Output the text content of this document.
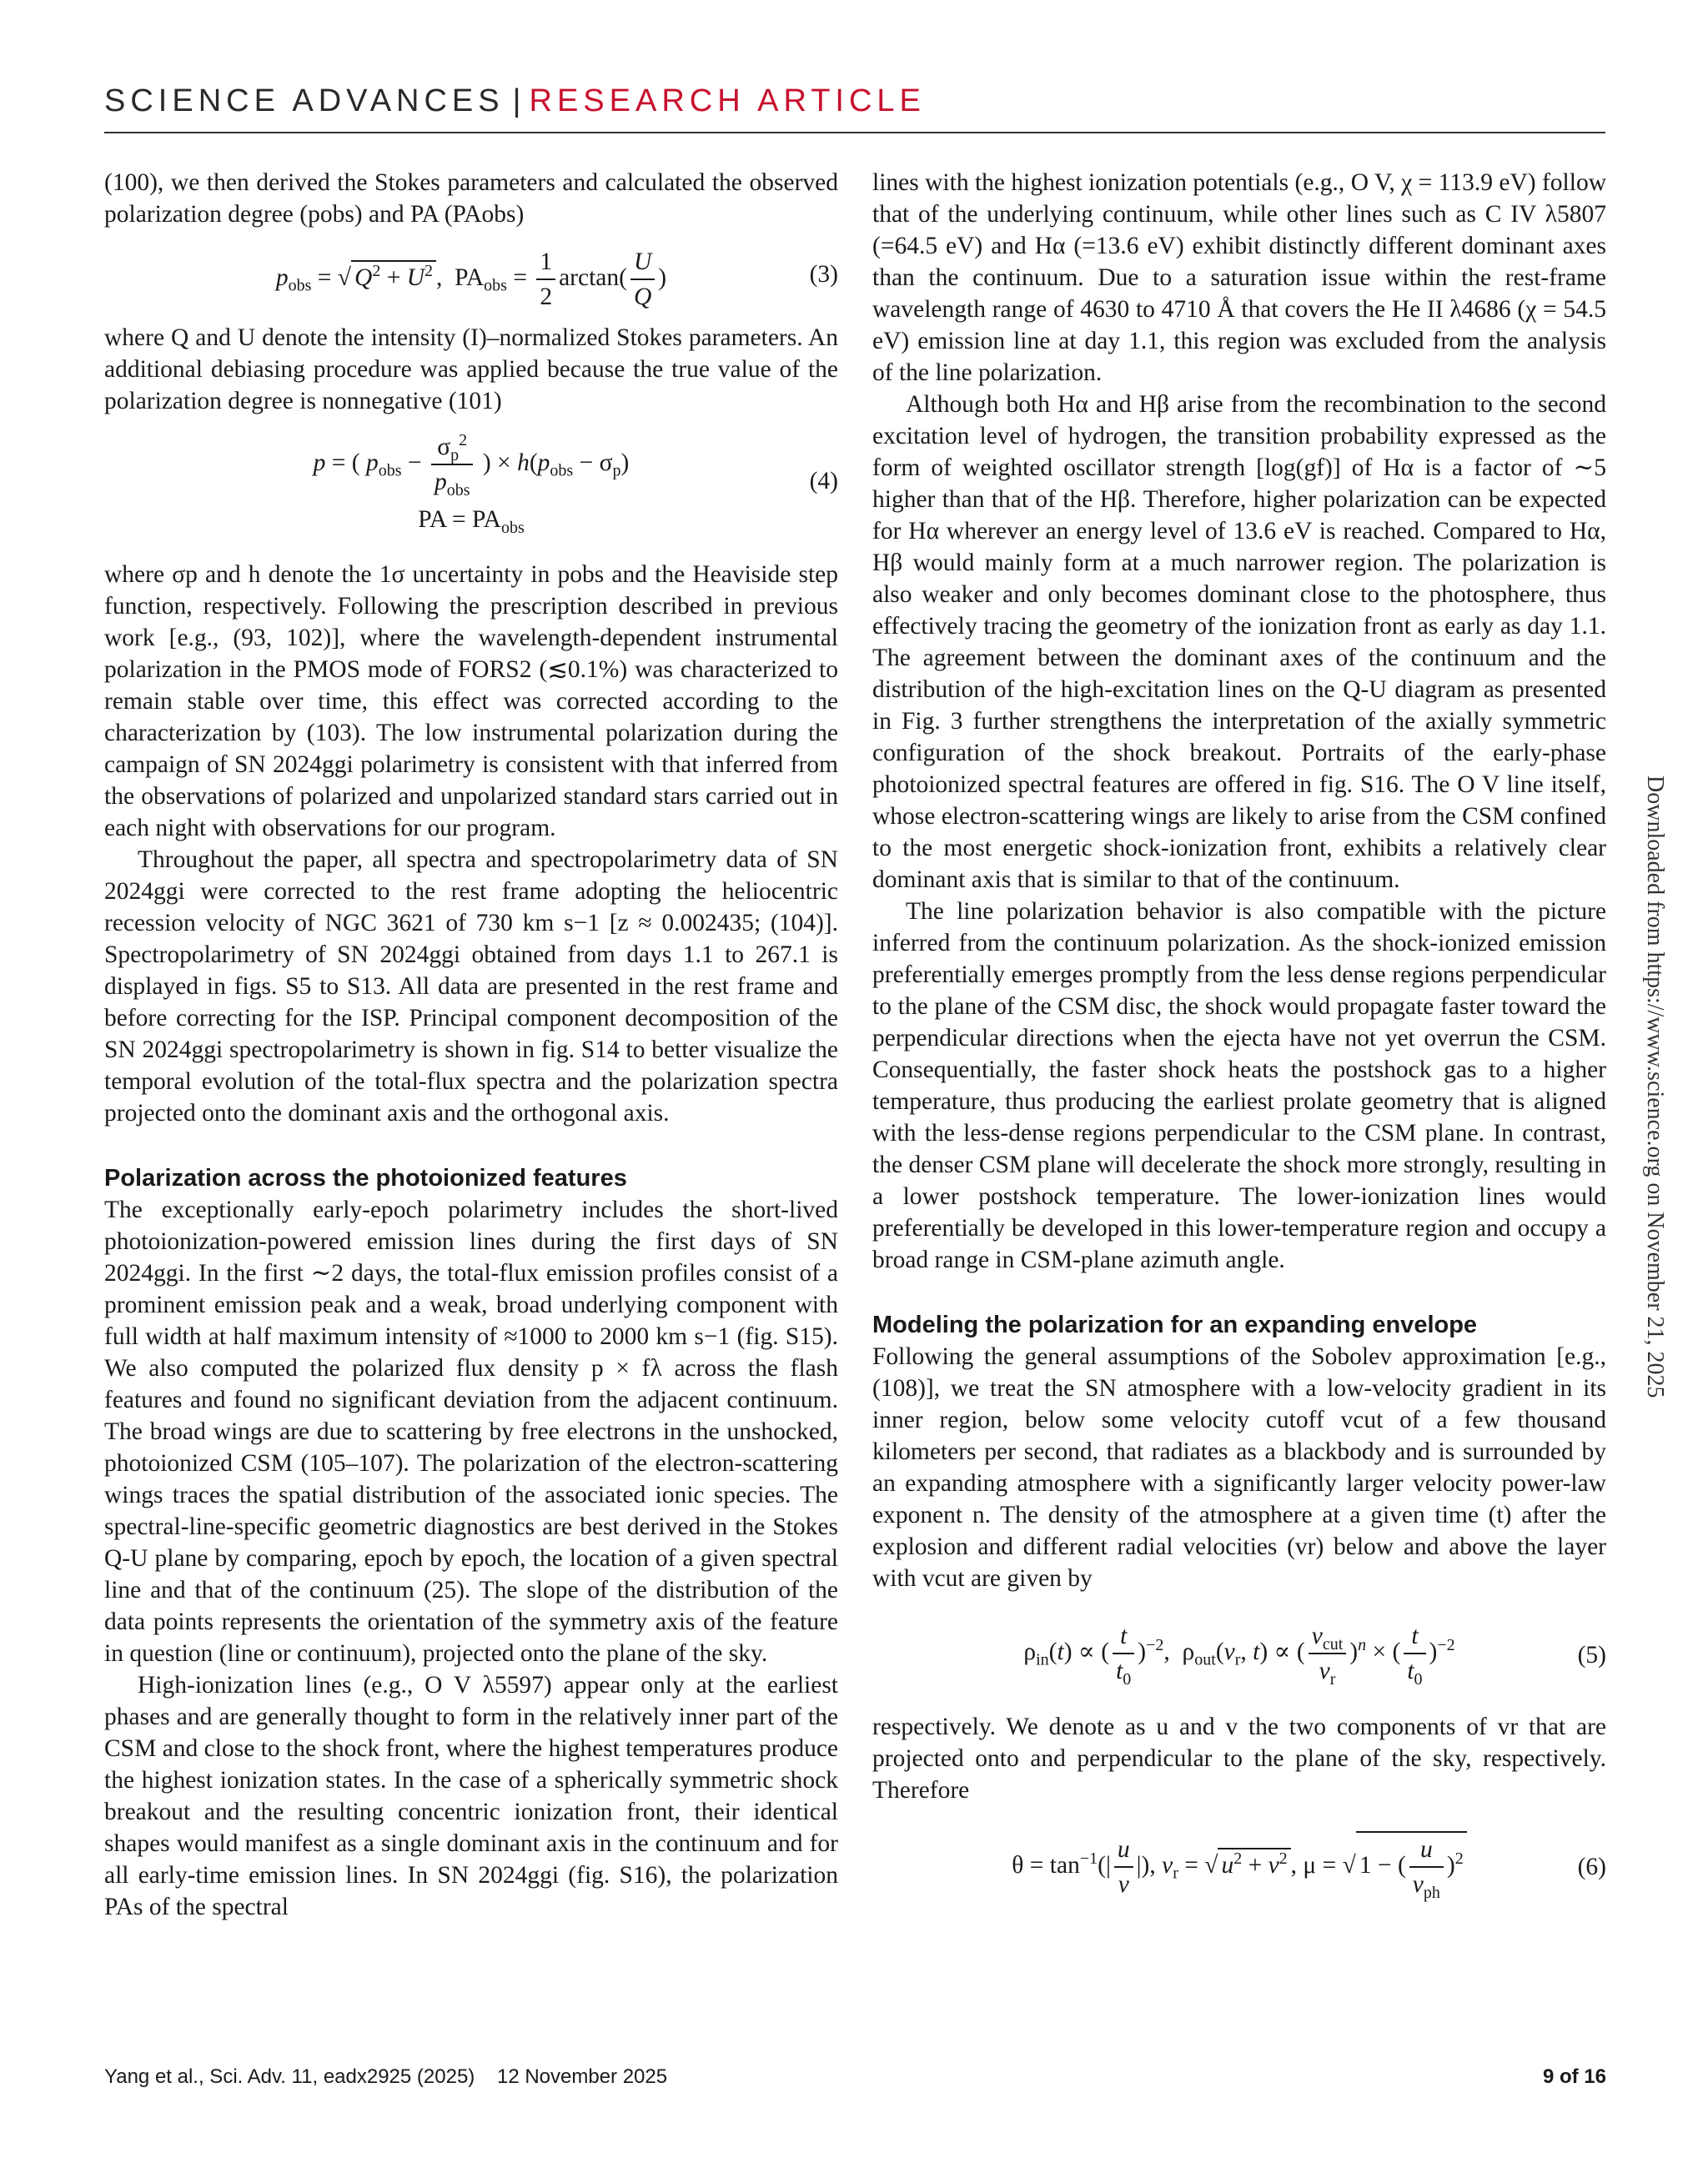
SCIENCE ADVANCES | RESEARCH ARTICLE

(100), we then derived the Stokes parameters and calculated the observed polarization degree (pobs) and PA (PAobs)

$p_{obs}$ = √ $Q^2 + U^2$ ,  $PA_{obs} = \frac{1}{2} \arctan( \frac{U}{Q}$ )	(3)

where Q and U denote the intensity (I)–normalized Stokes parameters. An additional debiasing procedure was applied because the true value of the polarization degree is nonnegative (101)

p = ( $p_{obs} - \frac{\sigma_p^2}{p_{obs}}$ ) × $h(p_{obs} - \sigma_p)$
PA = $PA_{obs}$
(4)

where σp and h denote the 1σ uncertainty in pobs and the Heaviside step function, respectively. Following the prescription described in previous work [e.g., (93, 102)], where the wavelength-dependent instrumental polarization in the PMOS mode of FORS2 (≲0.1%) was characterized to remain stable over time, this effect was corrected according to the characterization by (103). The low instrumental polarization during the campaign of SN 2024ggi polarimetry is consistent with that inferred from the observations of polarized and unpolarized standard stars carried out in each night with observations for our program.

Throughout the paper, all spectra and spectropolarimetry data of SN 2024ggi were corrected to the rest frame adopting the heliocentric recession velocity of NGC 3621 of 730 km s−1 [z ≈ 0.002435; (104)]. Spectropolarimetry of SN 2024ggi obtained from days 1.1 to 267.1 is displayed in figs. S5 to S13. All data are presented in the rest frame and before correcting for the ISP. Principal component decomposition of the SN 2024ggi spectropolarimetry is shown in fig. S14 to better visualize the temporal evolution of the total-flux spectra and the polarization spectra projected onto the dominant axis and the orthogonal axis.

Polarization across the photoionized features

The exceptionally early-epoch polarimetry includes the short-lived photoionization-powered emission lines during the first days of SN 2024ggi. In the first ∼2 days, the total-flux emission profiles consist of a prominent emission peak and a weak, broad underlying component with full width at half maximum intensity of ≈1000 to 2000 km s−1 (fig. S15). We also computed the polarized flux density p × fλ across the flash features and found no significant deviation from the adjacent continuum. The broad wings are due to scattering by free electrons in the unshocked, photoionized CSM (105–107). The polarization of the electron-scattering wings traces the spatial distribution of the associated ionic species. The spectral-line-specific geometric diagnostics are best derived in the Stokes Q-U plane by comparing, epoch by epoch, the location of a given spectral line and that of the continuum (25). The slope of the distribution of the data points represents the orientation of the symmetry axis of the feature in question (line or continuum), projected onto the plane of the sky.

High-ionization lines (e.g., O V λ5597) appear only at the earliest phases and are generally thought to form in the relatively inner part of the CSM and close to the shock front, where the highest temperatures produce the highest ionization states. In the case of a spherically symmetric shock breakout and the resulting concentric ionization front, their identical shapes would manifest as a single dominant axis in the continuum and for all early-time emission lines. In SN 2024ggi (fig. S16), the polarization PAs of the spectral

lines with the highest ionization potentials (e.g., O V, χ = 113.9 eV) follow that of the underlying continuum, while other lines such as C IV λ5807 (=64.5 eV) and Hα (=13.6 eV) exhibit distinctly different dominant axes than the continuum. Due to a saturation issue within the rest-frame wavelength range of 4630 to 4710 Å that covers the He II λ4686 (χ = 54.5 eV) emission line at day 1.1, this region was excluded from the analysis of the line polarization.

Although both Hα and Hβ arise from the recombination to the second excitation level of hydrogen, the transition probability expressed as the form of weighted oscillator strength [log(gf)] of Hα is a factor of ∼5 higher than that of the Hβ. Therefore, higher polarization can be expected for Hα wherever an energy level of 13.6 eV is reached. Compared to Hα, Hβ would mainly form at a much narrower region. The polarization is also weaker and only becomes dominant close to the photosphere, thus effectively tracing the geometry of the ionization front as early as day 1.1. The agreement between the dominant axes of the continuum and the distribution of the high-excitation lines on the Q-U diagram as presented in Fig. 3 further strengthens the interpretation of the axially symmetric configuration of the shock breakout. Portraits of the early-phase photoionized spectral features are offered in fig. S16. The O V line itself, whose electron-scattering wings are likely to arise from the CSM confined to the most energetic shock-ionization front, exhibits a relatively clear dominant axis that is similar to that of the continuum.

The line polarization behavior is also compatible with the picture inferred from the continuum polarization. As the shock-ionized emission preferentially emerges promptly from the less dense regions perpendicular to the plane of the CSM disc, the shock would propagate faster toward the perpendicular directions when the ejecta have not yet overrun the CSM. Consequentially, the faster shock heats the postshock gas to a higher temperature, thus producing the earliest prolate geometry that is aligned with the less-dense regions perpendicular to the CSM plane. In contrast, the denser CSM plane will decelerate the shock more strongly, resulting in a lower postshock temperature. The lower-ionization lines would preferentially be developed in this lower-temperature region and occupy a broad range in CSM-plane azimuth angle.

Modeling the polarization for an expanding envelope

Following the general assumptions of the Sobolev approximation [e.g., (108)], we treat the SN atmosphere with a low-velocity gradient in its inner region, below some velocity cutoff vcut of a few thousand kilometers per second, that radiates as a blackbody and is surrounded by an expanding atmosphere with a significantly larger velocity power-law exponent n. The density of the atmosphere at a given time (t) after the explosion and different radial velocities (vr) below and above the layer with vcut are given by

$\rho_{in}(t)$ ∝ ( $\frac{t}{t_0} )^{-2}$,  $\rho_{out}(v_r$, t) ∝ ( $\frac{v_{cut}}{v_r} )^n$ × ( $\frac{t}{t_0} )^{-2}$	(5)

respectively. We denote as u and v the two components of vr that are projected onto and perpendicular to the plane of the sky, respectively. Therefore

$\theta = \tan^{-1}(| \frac{u}{v}$ |), $v_r$ = √ $u^2 + v^2$ , μ = √ 1 − ( $\frac{u}{v_{ph}} )^2$	(6)
Downloaded from https://www.science.org on November 21, 2025
Yang et al., Sci. Adv. 11, eadx2925 (2025)    12 November 2025	9 of 16
